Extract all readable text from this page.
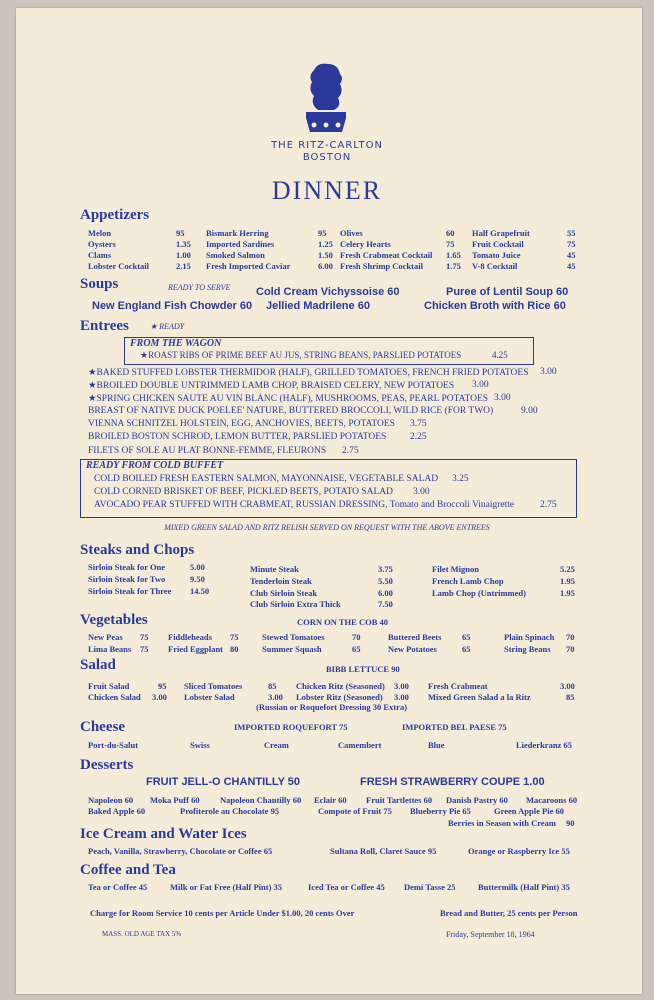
THE RITZ-CARLTON
BOSTON
DINNER
Appetizers
Melon	95
Oysters	1.35
Clams	1.00
Lobster Cocktail	2.15
Bismark Herring	95
Imported Sardines	1.25
Smoked Salmon	1.50
Fresh Imported Caviar	6.00
Olives	60
Celery Hearts	75
Fresh Crabmeat Cocktail 1.65
Fresh Shrimp Cocktail	1.75
Half Grapefruit	55
Fruit Cocktail	75
Tomato Juice	45
V-8 Cocktail	45
Soups	READY TO SERVE Cold Cream Vichyssoise 60	Puree of Lentil Soup 60
New England Fish Chowder 60 Jellied Madrilene 60	Chicken Broth with Rice 60
Entrees	★ READY
FROM THE WAGON
★ROAST RIBS OF PRIME BEEF AU JUS, STRING BEANS, PARSLIED POTATOES	4.25
★BAKED STUFFED LOBSTER THERMIDOR (HALF), GRILLED TOMATOES, FRENCH FRIED POTATOES 3.00
★BROILED DOUBLE UNTRIMMED LAMB CHOP, BRAISED CELERY, NEW POTATOES 3.00
★SPRING CHICKEN SAUTE AU VIN BLANC (HALF), MUSHROOMS, PEAS, PEARL POTATOES 3.00
BREAST OF NATIVE DUCK POELEE' NATURE, BUTTERED BROCCOLI, WILD RICE (FOR TWO)	9.00
VIENNA SCHNITZEL HOLSTEIN, EGG, ANCHOVIES, BEETS, POTATOES 3.75
BROILED BOSTON SCHROD, LEMON BUTTER, PARSLIED POTATOES 2.25
FILETS OF SOLE AU PLAT BONNE-FEMME, FLEURONS 2.75
READY FROM COLD BUFFET
COLD BOILED FRESH EASTERN SALMON, MAYONNAISE, VEGETABLE SALAD 3.25
COLD CORNED BRISKET OF BEEF, PICKLED BEETS, POTATO SALAD 3.00
AVOCADO PEAR STUFFED WITH CRABMEAT, RUSSIAN DRESSING, Tomato and Broccoli Vinaigrette	2.75
MIXED GREEN SALAD AND RITZ RELISH SERVED ON REQUEST WITH THE ABOVE ENTREES
Steaks and Chops
Sirloin Steak for One	5.00
Sirloin Steak for Two	9.50
Sirloin Steak for Three 14.50
Minute Steak	3.75
Tenderloin Steak	5.50
Club Sirloin Steak	6.00
Club Sirloin Extra Thick	7.50
Filet Mignon	5.25
French Lamb Chop	1.95
Lamb Chop (Untrimmed)	1.95
Vegetables	CORN ON THE COB 40
New Peas 75
Lima Beans 75
Fiddleheads 75
Fried Eggplant 80
Stewed Tomatoes	70
Summer Squash	65
Buttered Beets 65
New Potatoes	65
Plain Spinach 70
String Beans 70
Salad	BIBB LETTUCE 90
Fruit Salad	95
Chicken Salad 3.00
Sliced Tomatoes	85
Lobster Salad	3.00
Chicken Ritz (Seasoned) 3.00
Lobster Ritz (Seasoned) 3.00
Fresh Crabmeat	3.00
Mixed Green Salad a la Ritz	85
(Russian or Roquefort Dressing 30 Extra)
Cheese	IMPORTED ROQUEFORT 75	IMPORTED BEL PAESE 75
Port-du-Salut	Swiss	Cream	Camembert	Blue	Liederkranz 65
Desserts
FRUIT JELL-O CHANTILLY 50	FRESH STRAWBERRY COUPE 1.00
Napoleon 60 Moka Puff 60 Napoleon Chantilly 60 Eclair 60 Fruit Tartlettes 60 Danish Pastry 60 Macaroons 60
Baked Apple 60	Profiterole au Chocolate 95	Compote of Fruit 75 Blueberry Pie 65	Green Apple Pie 60
Berries in Season with Cream 90
Ice Cream and Water Ices
Peach, Vanilla, Strawberry, Chocolate or Coffee 65	Sultana Roll, Claret Sauce 95	Orange or Raspberry Ice 55
Coffee and Tea
Tea or Coffee 45	Milk or Fat Free (Half Pint) 35	Iced Tea or Coffee 45 Demi Tasse 25	Buttermilk (Half Pint) 35
Charge for Room Service 10 cents per Article Under $1.00, 20 cents Over	Bread and Butter, 25 cents per Person
MASS. OLD AGE TAX 5%	Friday, September 18, 1964
